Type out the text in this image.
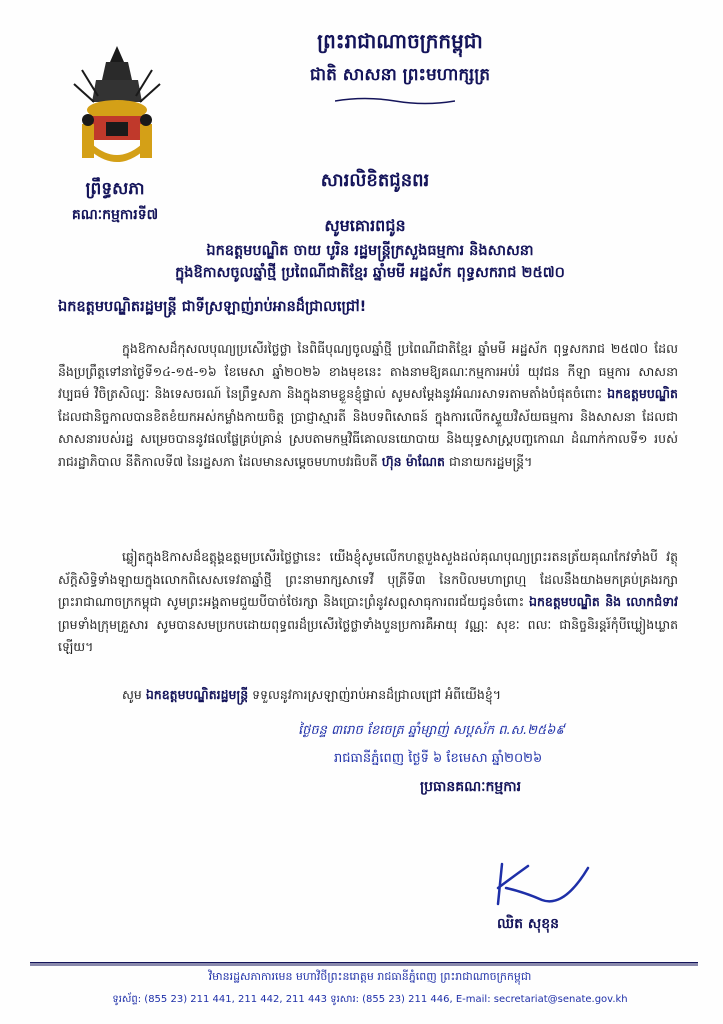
ព្រះរាជាណាចក្រកម្ពុជា
ជាតិ សាសនា ព្រះមហាក្សត្រ
ព្រឹទ្ធសភា
គណៈកម្មការទី៧
សារលិខិតជូនពរ
សូមគោរពជូន
ឯកឧត្តមបណ្ឌិត ចាយ បូរិន រដ្ឋមន្ត្រីក្រសួងធម្មការ និងសាសនា
ក្នុងឱកាសចូលឆ្នាំថ្មី ប្រពៃណីជាតិខ្មែរ ឆ្នាំមមី អដ្ឋស័ក ពុទ្ធសករាជ ២៥៧០
ឯកឧត្តមបណ្ឌិតរដ្ឋមន្ត្រី ជាទីស្រឡាញ់រាប់អានដ៏ជ្រាលជ្រៅ!
ក្នុងឱកាសដ៏កុសលបុណ្យប្រសើរថ្លៃថ្លា នៃពិធីបុណ្យចូលឆ្នាំថ្មី ប្រពៃណីជាតិខ្មែរ ឆ្នាំមមី អដ្ឋស័ក ពុទ្ធសករាជ ២៥៧០ ដែលនឹងប្រព្រឹត្តទៅនាថ្ងៃទី១៤-១៥-១៦ ខែមេសា ឆ្នាំ២០២៦ ខាងមុខនេះ តាងនាមឱ្យគណៈកម្មការអប់រំ យុវជន កីឡា ធម្មការ សាសនា វប្បធម៌ វិចិត្រសិល្បៈ និងទេសចរណ៍ នៃព្រឹទ្ធសភា និងក្នុងនាមខ្លួនខ្ញុំផ្ទាល់ សូមសម្ដែងនូវអំណរសាទរតាមតាំងបំផុតចំពោះ ឯកឧត្តមបណ្ឌិត ដែលជានិច្ចកាលបានខិតខំយកអស់កម្លាំងកាយចិត្ត ប្រាជ្ញាស្មារតី និងបទពិសោធន៍ ក្នុងការលើកស្ទួយវិស័យធម្មការ និងសាសនា ដែលជាសាសនារបស់រដ្ឋ សម្រេចបាននូវផលផ្លែគ្រប់គ្រាន់ ស្របតាមកម្មវិធីគោលនយោបាយ និងយុទ្ធសាស្ត្របញ្ចកោណ ដំណាក់កាលទី១ របស់រាជរដ្ឋាភិបាល នីតិកាលទី៧ នៃរដ្ឋសភា ដែលមានសម្ដេចមហាបវរធិបតី ហ៊ុន ម៉ាណែត ជានាយករដ្ឋមន្ត្រី។
ឆ្លៀតក្នុងឱកាសដ៏ឧត្ដុង្គឧត្ដមប្រសើរថ្លៃថ្លានេះ យើងខ្ញុំសូមលើកហត្ថបួងសួងដល់គុណបុណ្យព្រះរតនត្រ័យគុណកែវទាំងបី វត្ថុស័ក្ដិសិទ្ធិទាំងឡាយក្នុងលោកពិសេសទេវតាឆ្នាំថ្មី ព្រះនាមរាក្សសាទេវី បុត្រីទី៣ នៃកបិលមហាព្រហ្ម ដែលនឹងយាងមកគ្រប់គ្រងរក្សាព្រះរាជាណាចក្រកម្ពុជា សូមព្រះអង្គតាមជួយបីបាច់ថែរក្សា និងប្រោះព្រំនូវសព្ពសាធុការពរជ័យជូនចំពោះ ឯកឧត្តមបណ្ឌិត និង លោកជំទាវ ព្រមទាំងក្រុមគ្រួសារ សូមបានសមប្រកបដោយពុទ្ធពរដ៏ប្រសើរថ្លៃថ្លាទាំងបួនប្រការគឺអាយុ វណ្ណៈ សុខៈ ពលៈ ជានិច្ចនិរន្តរ៍កុំបីឃ្លៀងឃ្លាតឡើយ។
សូម ឯកឧត្តមបណ្ឌិតរដ្ឋមន្ត្រី ទទួលនូវការស្រឡាញ់រាប់អានដ៏ជ្រាលជ្រៅ អំពីយើងខ្ញុំ។
ថ្ងៃចន្ទ ៣រោច ខែចេត្រ ឆ្នាំម្សាញ់ សប្តស័ក ព.ស.២៥៦៩
រាជធានីភ្នំពេញ ថ្ងៃទី ៦ ខែមេសា ឆ្នាំ២០២៦
ប្រធានគណៈកម្មការ
ឈិត សុខុន
វិមានរដ្ឋសភាការមេន មហាវិថីព្រះនរោត្តម រាជធានីភ្នំពេញ ព្រះរាជាណាចក្រកម្ពុជា
ទូរស័ព្ទ: (855 23) 211 441, 211 442, 211 443 ទូរសារ: (855 23) 211 446, E-mail: secretariat@senate.gov.kh
